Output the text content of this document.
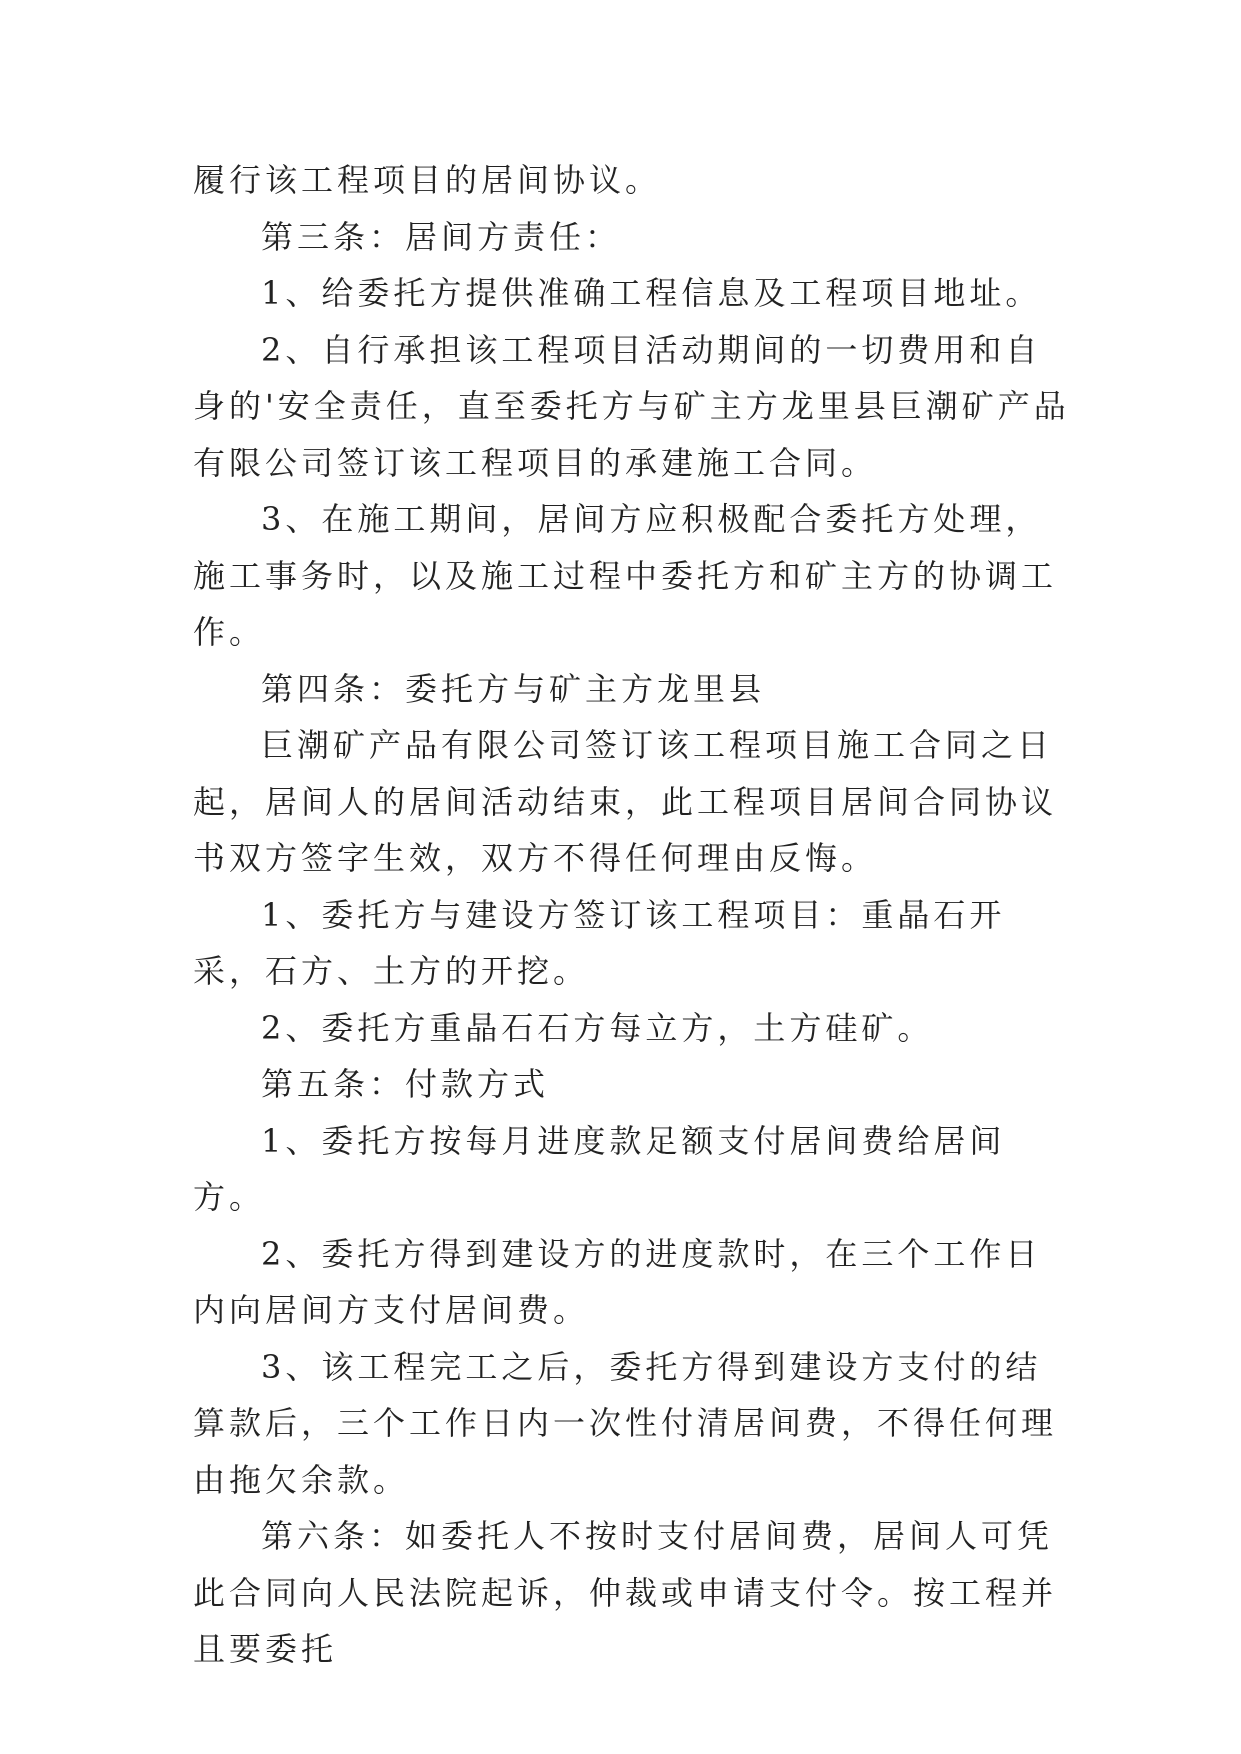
履行该工程项目的居间协议。

第三条：居间方责任：

1、给委托方提供准确工程信息及工程项目地址。

2、自行承担该工程项目活动期间的一切费用和自身的'安全责任，直至委托方与矿主方龙里县巨潮矿产品有限公司签订该工程项目的承建施工合同。

3、在施工期间，居间方应积极配合委托方处理，施工事务时，以及施工过程中委托方和矿主方的协调工作。

第四条：委托方与矿主方龙里县

巨潮矿产品有限公司签订该工程项目施工合同之日起，居间人的居间活动结束，此工程项目居间合同协议书双方签字生效，双方不得任何理由反悔。

1、委托方与建设方签订该工程项目：重晶石开采，石方、土方的开挖。

2、委托方重晶石石方每立方，土方硅矿。

第五条：付款方式

1、委托方按每月进度款足额支付居间费给居间方。

2、委托方得到建设方的进度款时，在三个工作日内向居间方支付居间费。

3、该工程完工之后，委托方得到建设方支付的结算款后，三个工作日内一次性付清居间费，不得任何理由拖欠余款。

第六条：如委托人不按时支付居间费，居间人可凭此合同向人民法院起诉，仲裁或申请支付令。按工程并且要委托
